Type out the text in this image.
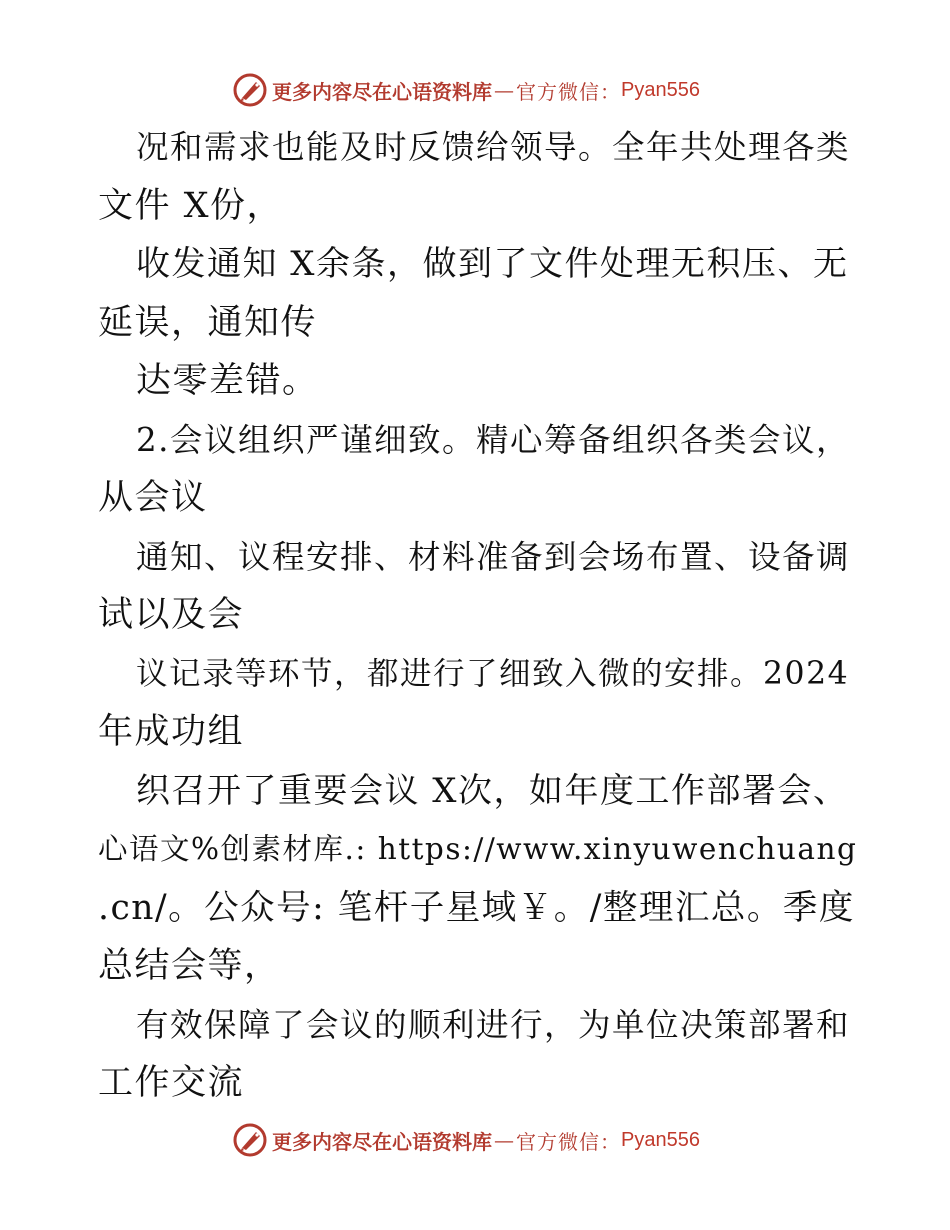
更多内容尽在心语资料库 — 官方微信： Pyan556
况和需求也能及时反馈给领导。全年共处理各类
文件 X份，
收发通知 X余条，做到了文件处理无积压、无
延误，通知传
达零差错。
2.会议组织严谨细致。精心筹备组织各类会议，
从会议
通知、议程安排、材料准备到会场布置、设备调
试以及会
议记录等环节，都进行了细致入微的安排。2024
年成功组
织召开了重要会议 X次，如年度工作部署会、
心语文%创素材库.: https://www.xinyuwenchuang
.cn/。公众号: 笔杆子星域￥。/整理汇总。季度
总结会等，
有效保障了会议的顺利进行，为单位决策部署和
工作交流
更多内容尽在心语资料库 — 官方微信： Pyan556
